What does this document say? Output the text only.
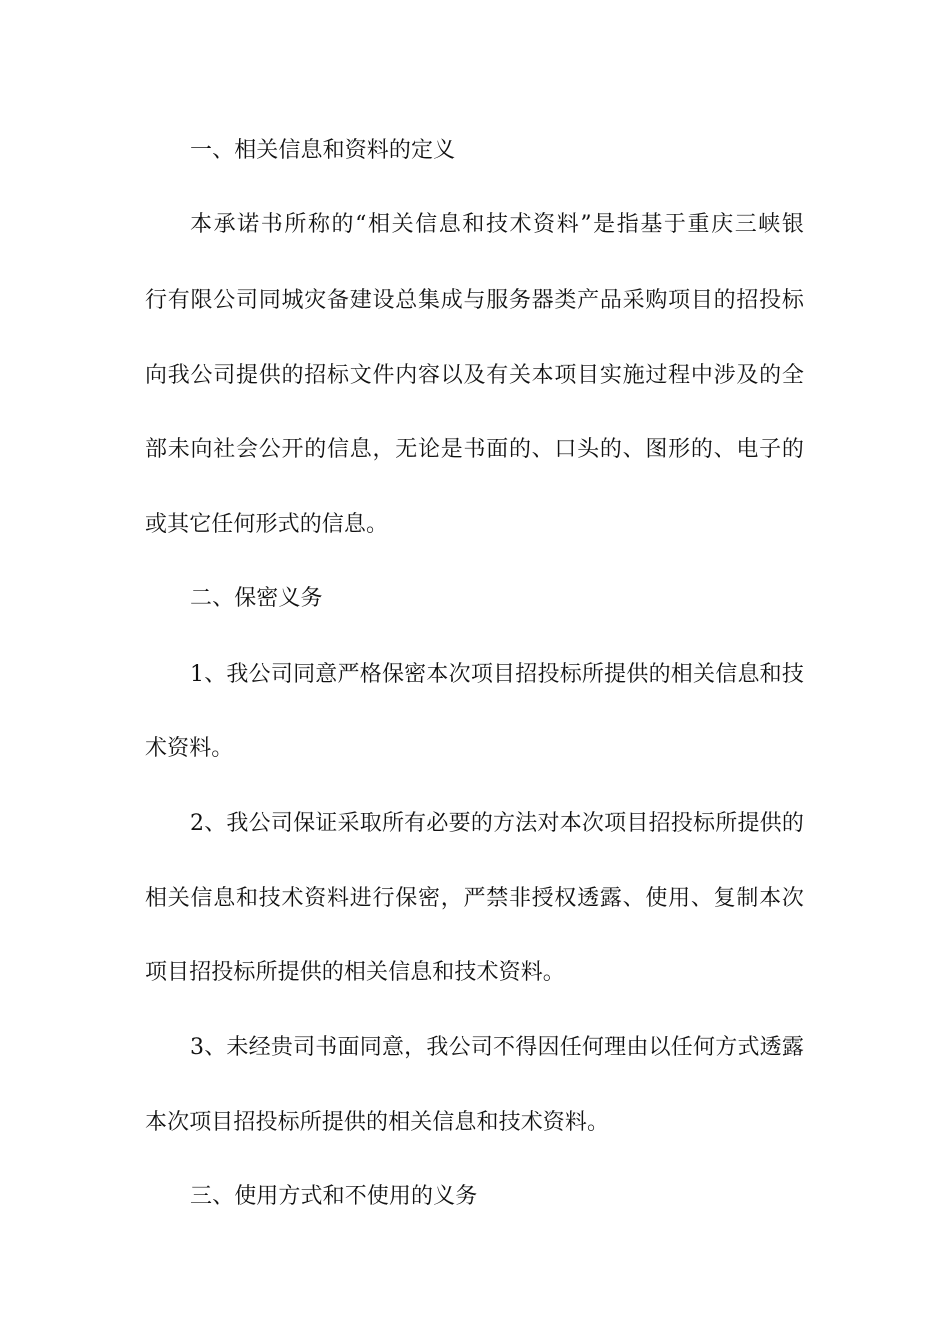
一、相关信息和资料的定义
本承诺书所称的“相关信息和技术资料”是指基于重庆三峡银
行有限公司同城灾备建设总集成与服务器类产品采购项目的招投标
向我公司提供的招标文件内容以及有关本项目实施过程中涉及的全
部未向社会公开的信息，无论是书面的、口头的、图形的、电子的
或其它任何形式的信息。
二、保密义务
1、我公司同意严格保密本次项目招投标所提供的相关信息和技
术资料。
2、我公司保证采取所有必要的方法对本次项目招投标所提供的
相关信息和技术资料进行保密，严禁非授权透露、使用、复制本次
项目招投标所提供的相关信息和技术资料。
3、未经贵司书面同意，我公司不得因任何理由以任何方式透露
本次项目招投标所提供的相关信息和技术资料。
三、使用方式和不使用的义务
